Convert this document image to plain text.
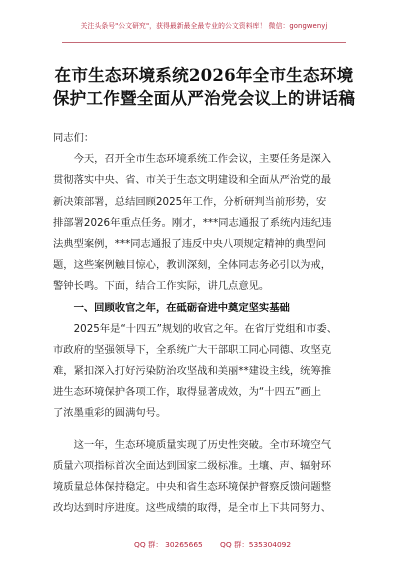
关注头条号"公文研究"，获得最新最全最专业的公文资料库！ 微信：gongwenyj
在市生态环境系统2026年全市生态环境
保护工作暨全面从严治党会议上的讲话稿
同志们：
今天，召开全市生态环境系统工作会议，主要任务是深入
贯彻落实中央、省、市关于生态文明建设和全面从严治党的最
新决策部署，总结回顾2025年工作，分析研判当前形势，安
排部署2026年重点任务。刚才，***同志通报了系统内违纪违
法典型案例，***同志通报了违反中央八项规定精神的典型问
题，这些案例触目惊心，教训深刻，全体同志务必引以为戒，
警钟长鸣。下面，结合工作实际，讲几点意见。
一、回顾收官之年，在砥砺奋进中奠定坚实基础
2025年是“十四五”规划的收官之年。在省厅党组和市委、
市政府的坚强领导下，全系统广大干部职工同心同德、攻坚克
难，紧扣深入打好污染防治攻坚战和美丽**建设主线，统筹推
进生态环境保护各项工作，取得显著成效，为“十四五”画上
了浓墨重彩的圆满句号。
这一年，生态环境质量实现了历史性突破。全市环境空气
质量六项指标首次全面达到国家二级标准。土壤、声、辐射环
境质量总体保持稳定。中央和省生态环境保护督察反馈问题整
改均达到时序进度。这些成绩的取得，是全市上下共同努力、
QQ 群： 30265665 QQ 群：535304092
